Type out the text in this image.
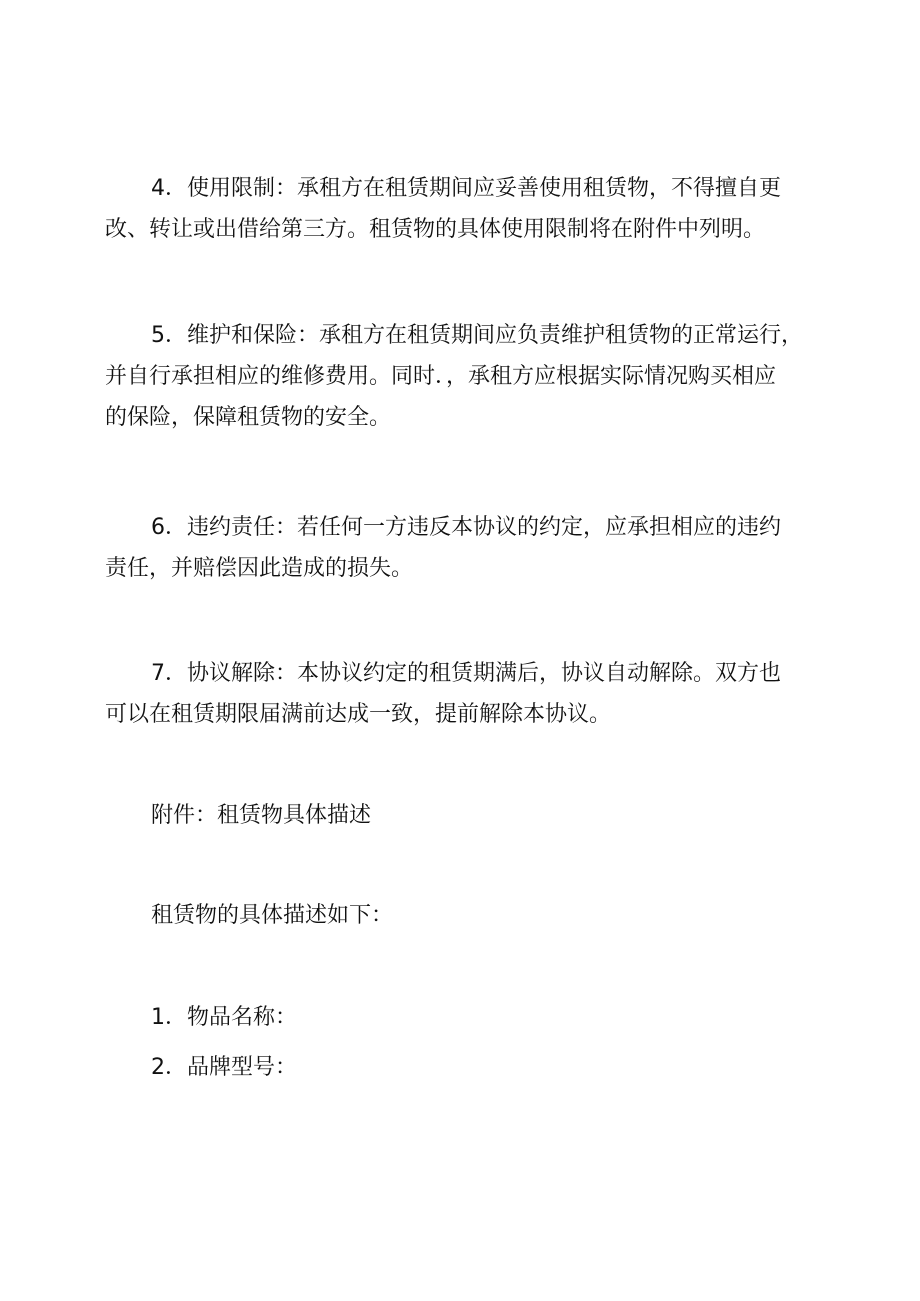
4．使用限制：承租方在租赁期间应妥善使用租赁物，不得擅自更
改、转让或出借给第三方。租赁物的具体使用限制将在附件中列明。

5．维护和保险：承租方在租赁期间应负责维护租赁物的正常运行，
并自行承担相应的维修费用。同时．，承租方应根据实际情况购买相应
的保险，保障租赁物的安全。

6．违约责任：若任何一方违反本协议的约定，应承担相应的违约
责任，并赔偿因此造成的损失。

7．协议解除：本协议约定的租赁期满后，协议自动解除。双方也
可以在租赁期限届满前达成一致，提前解除本协议。

附件：租赁物具体描述

租赁物的具体描述如下：

1．物品名称：

2．品牌型号：
